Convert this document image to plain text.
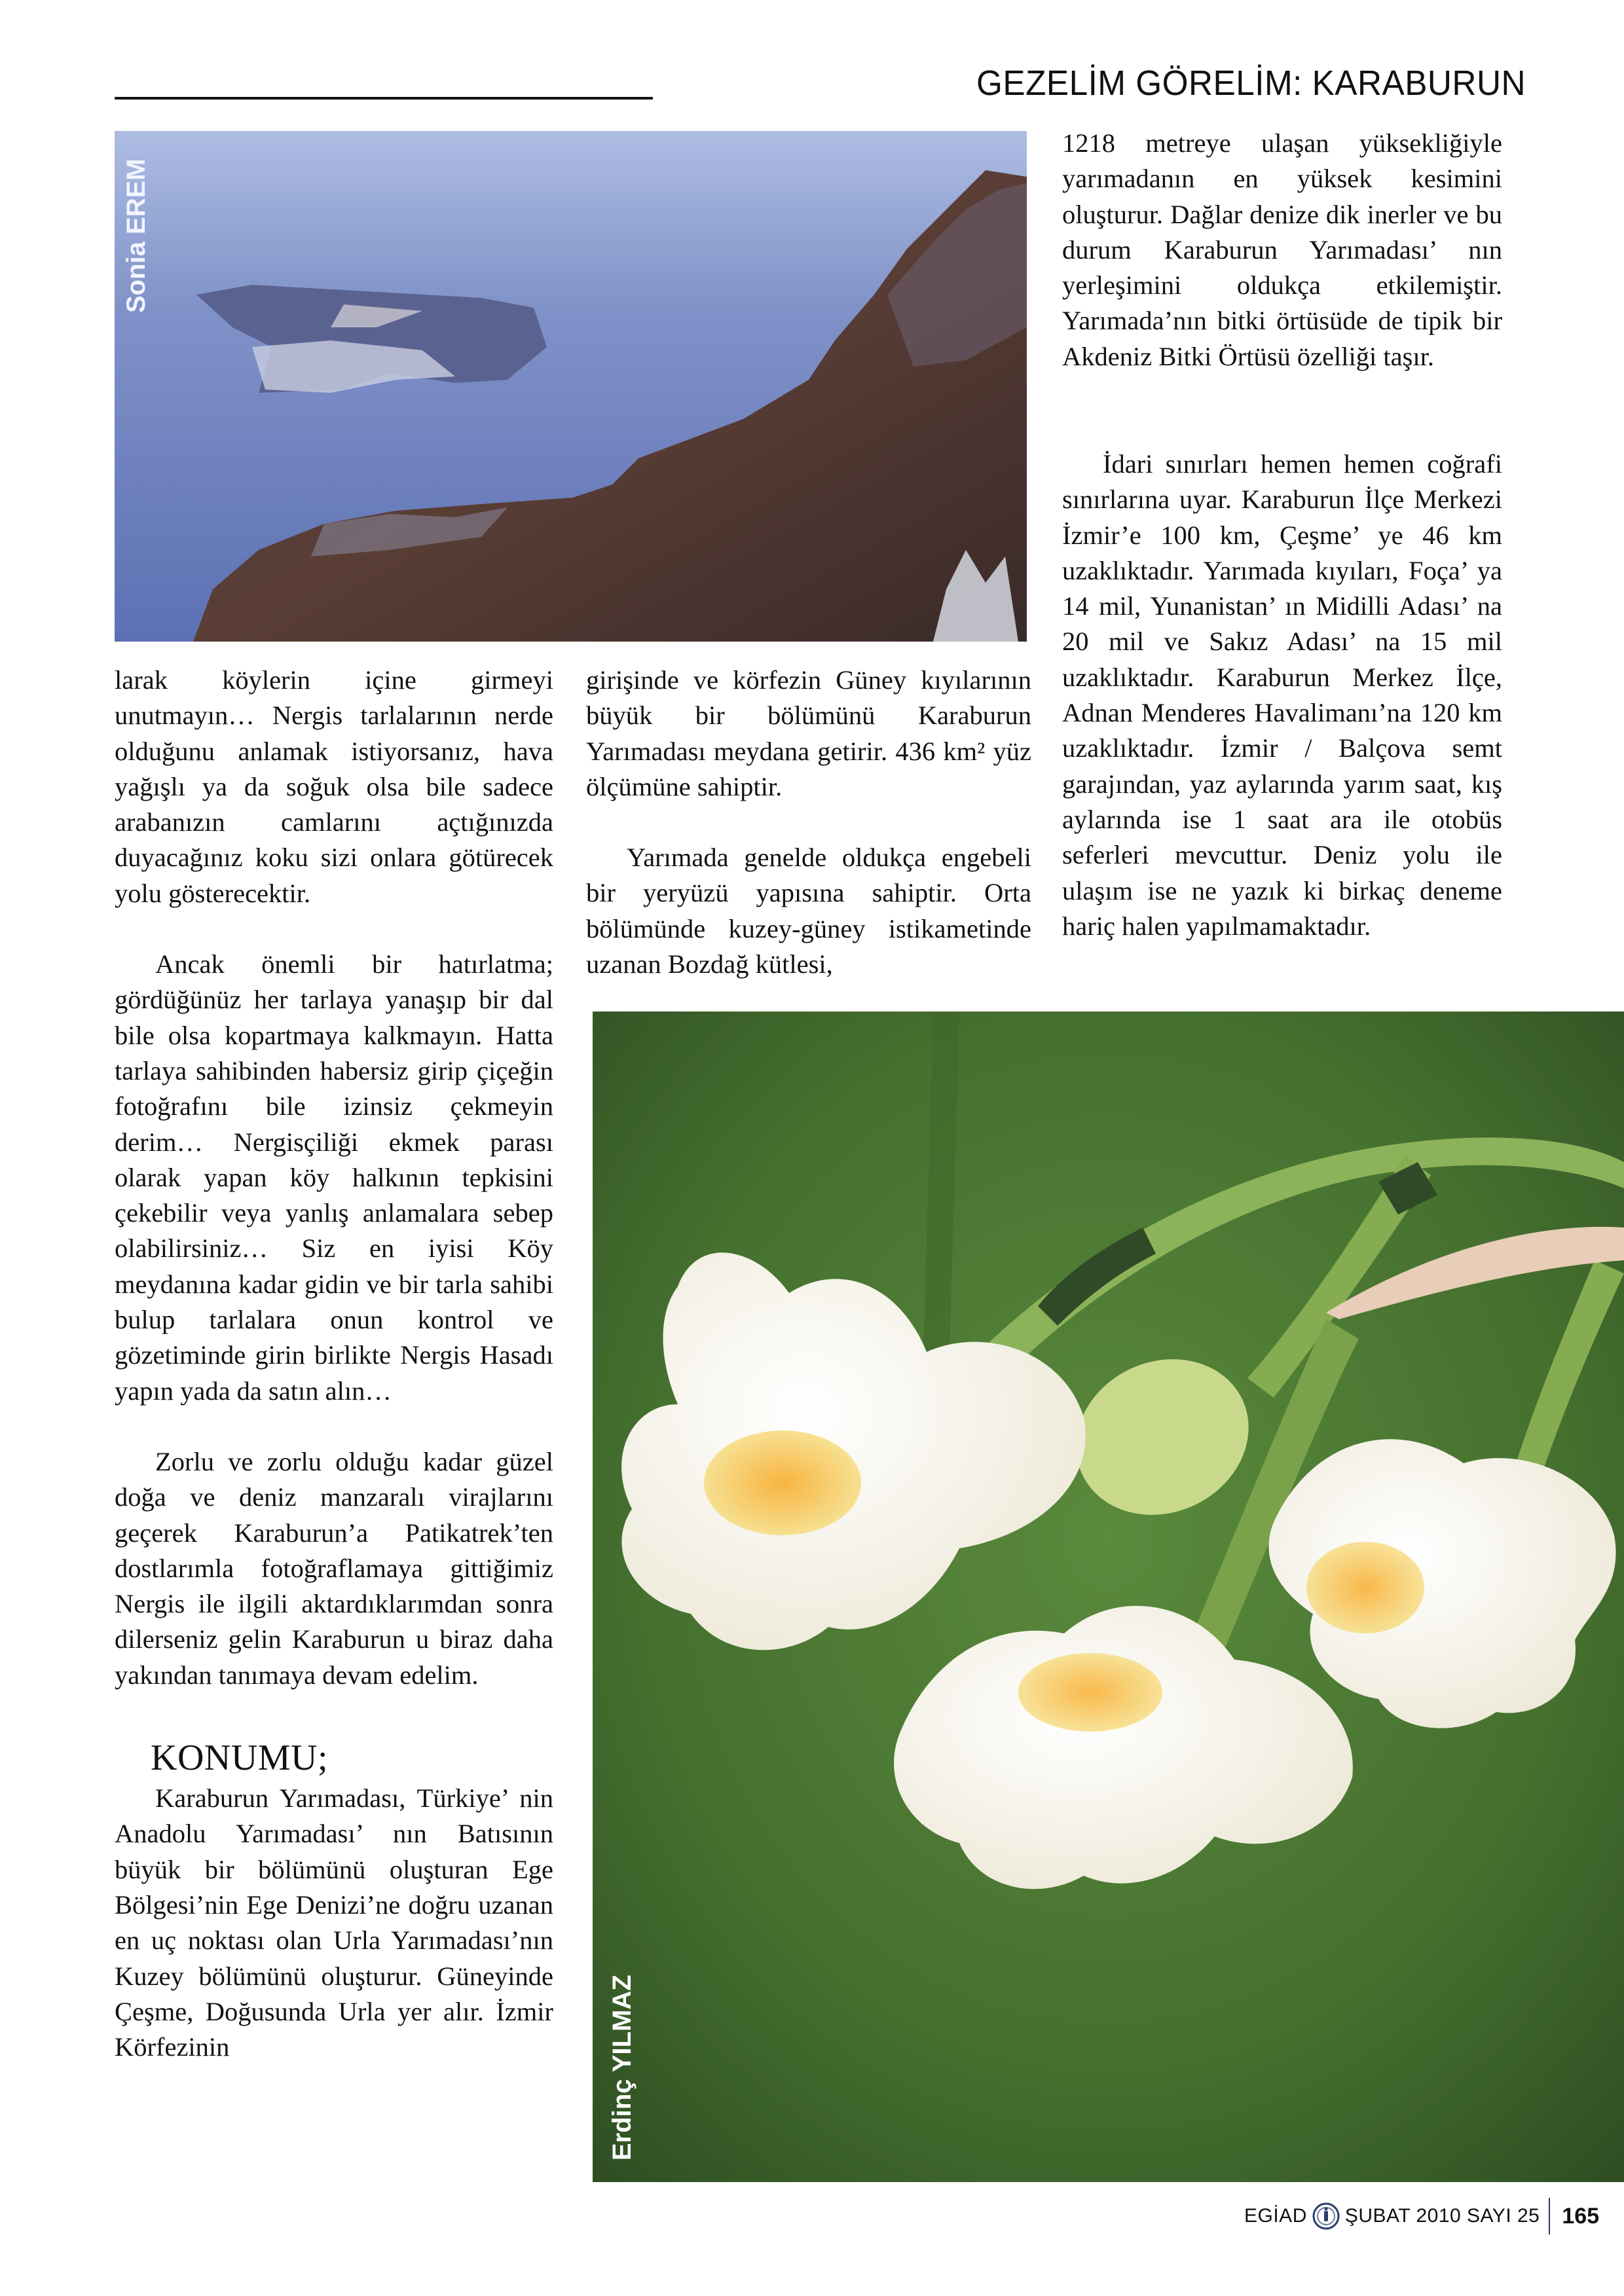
GEZELİM GÖRELİM: KARABURUN
Sonia EREM

1218 metreye ulaşan yüksekliğiyle yarımadanın en yüksek kesimini oluşturur. Dağlar denize dik inerler ve bu durum Karaburun Yarımadası’ nın yerleşimini oldukça etkilemiştir. Yarımada’nın bitki örtüsüde de tipik bir Akdeniz Bitki Örtüsü özelliği taşır.

İdari sınırları hemen hemen coğrafi sınırlarına uyar. Karaburun İlçe Merkezi İzmir’e 100 km, Çeşme’ ye 46 km uzaklıktadır. Yarımada kıyıları, Foça’ ya 14 mil, Yunanistan’ ın Midilli Adası’ na 20 mil ve Sakız Adası’ na 15 mil uzaklıktadır. Karaburun Merkez İlçe, Adnan Menderes Havalimanı’na 120 km uzaklıktadır. İzmir / Balçova semt garajından, yaz aylarında yarım saat, kış aylarında ise 1 saat ara ile otobüs seferleri mevcuttur. Deniz yolu ile ulaşım ise ne yazık ki birkaç deneme hariç halen yapılmamaktadır.

larak köylerin içine girmeyi unutmayın… Nergis tarlalarının nerde olduğunu anlamak istiyorsanız, hava yağışlı ya da soğuk olsa bile sadece arabanızın camlarını açtığınızda duyacağınız koku sizi onlara götürecek yolu gösterecektir.

Ancak önemli bir hatırlatma; gördüğünüz her tarlaya yanaşıp bir dal bile olsa kopartmaya kalkmayın. Hatta tarlaya sahibinden habersiz girip çiçeğin fotoğrafını bile izinsiz çekmeyin derim… Nergisçiliği ekmek parası olarak yapan köy halkının tepkisini çekebilir veya yanlış anlamalara sebep olabilirsiniz… Siz en iyisi Köy meydanına kadar gidin ve bir tarla sahibi bulup tarlalara onun kontrol ve gözetiminde girin birlikte Nergis Hasadı yapın yada da satın alın…

Zorlu ve zorlu olduğu kadar güzel doğa ve deniz manzaralı virajlarını geçerek Karaburun’a Patikatrek’ten dostlarımla fotoğraflamaya gittiğimiz Nergis ile ilgili aktardıklarımdan sonra dilerseniz gelin Karaburun u biraz daha yakından tanımaya devam edelim.

KONUMU;

Karaburun Yarımadası, Türkiye’ nin Anadolu Yarımadası’ nın Batısının büyük bir bölümünü oluşturan Ege Bölgesi’nin Ege Denizi’ne doğru uzanan en uç noktası olan Urla Yarımadası’nın Kuzey bölümünü oluşturur. Güneyinde Çeşme, Doğusunda Urla yer alır. İzmir Körfezinin

girişinde ve körfezin Güney kıyılarının büyük bir bölümünü Karaburun Yarımadası meydana getirir. 436 km² yüz ölçümüne sahiptir.

Yarımada genelde oldukça engebeli bir yeryüzü yapısına sahiptir. Orta bölümünde kuzey-güney istikametinde uzanan Bozdağ kütlesi,

Erdinç YILMAZ
EGİAD ŞUBAT 2010 SAYI 25 165
